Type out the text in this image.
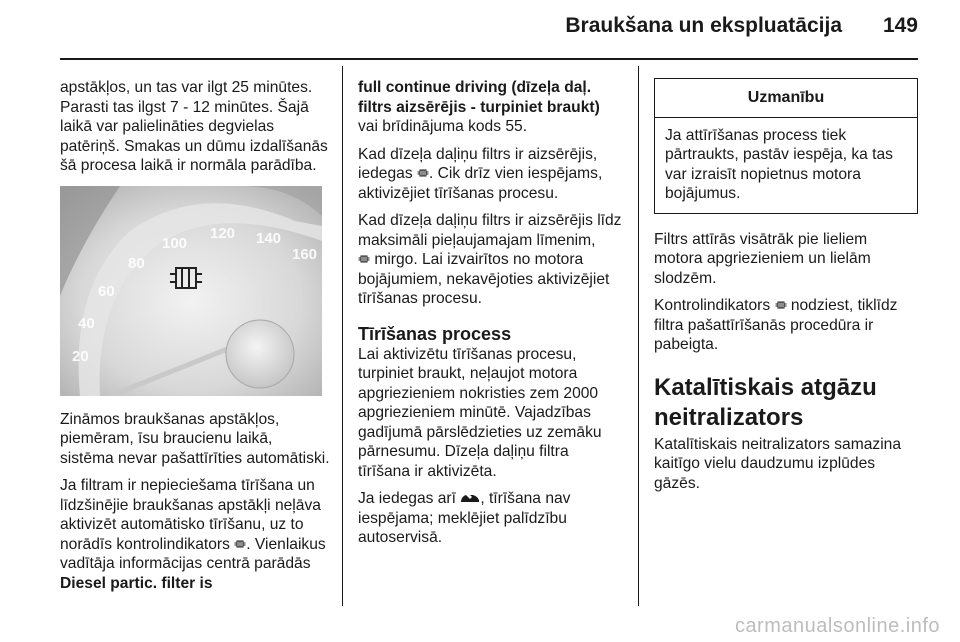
Braukšana un ekspluatācija 149

apstākļos, un tas var ilgt 25 minūtes. Parasti tas ilgst 7 - 12 minūtes. Šajā laikā var palielināties degvielas patēriņš. Smakas un dūmu izdalīšanās šā procesa laikā ir normāla parādība.

20
40
60
80
100
120 140
160

Zināmos braukšanas apstākļos, piemēram, īsu braucienu laikā, sistēma nevar pašattīrīties automātiski.

Ja filtram ir nepieciešama tīrīšana un līdzšinējie braukšanas apstākļi neļāva aktivizēt automātisko tīrīšanu, uz to norādīs kontrolindikators . Vienlaikus vadītāja informācijas centrā parādās Diesel partic. filter is

full continue driving (dīzeļa daļ. filtrs aizsērējis - turpiniet braukt) vai brīdinājuma kods 55.

Kad dīzeļa daļiņu filtrs ir aizsērējis, iedegas . Cik drīz vien iespējams, aktivizējiet tīrīšanas procesu.

Kad dīzeļa daļiņu filtrs ir aizsērējis līdz maksimāli pieļaujamajam līmenim,
mirgo. Lai izvairītos no motora bojājumiem, nekavējoties aktivizējiet tīrīšanas procesu.

Tīrīšanas process

Lai aktivizētu tīrīšanas procesu, turpiniet braukt, neļaujot motora apgriezieniem nokristies zem 2000 apgriezieniem minūtē. Vajadzības gadījumā pārslēdzieties uz zemāku pārnesumu. Dīzeļa daļiņu filtra tīrīšana ir aktivizēta.

Ja iedegas arī , tīrīšana nav iespējama; meklējiet palīdzību autoservisā.

Uzmanību
Ja attīrīšanas process tiek pārtraukts, pastāv iespēja, ka tas var izraisīt nopietnus motora bojājumus.

Filtrs attīrās visātrāk pie lieliem motora apgriezieniem un lielām slodzēm.

Kontrolindikators  nodziest, tiklīdz filtra pašattīrīšanās procedūra ir pabeigta.

Katalītiskais atgāzu neitralizators

Katalītiskais neitralizators samazina kaitīgo vielu daudzumu izplūdes gāzēs.

carmanualsonline.info
